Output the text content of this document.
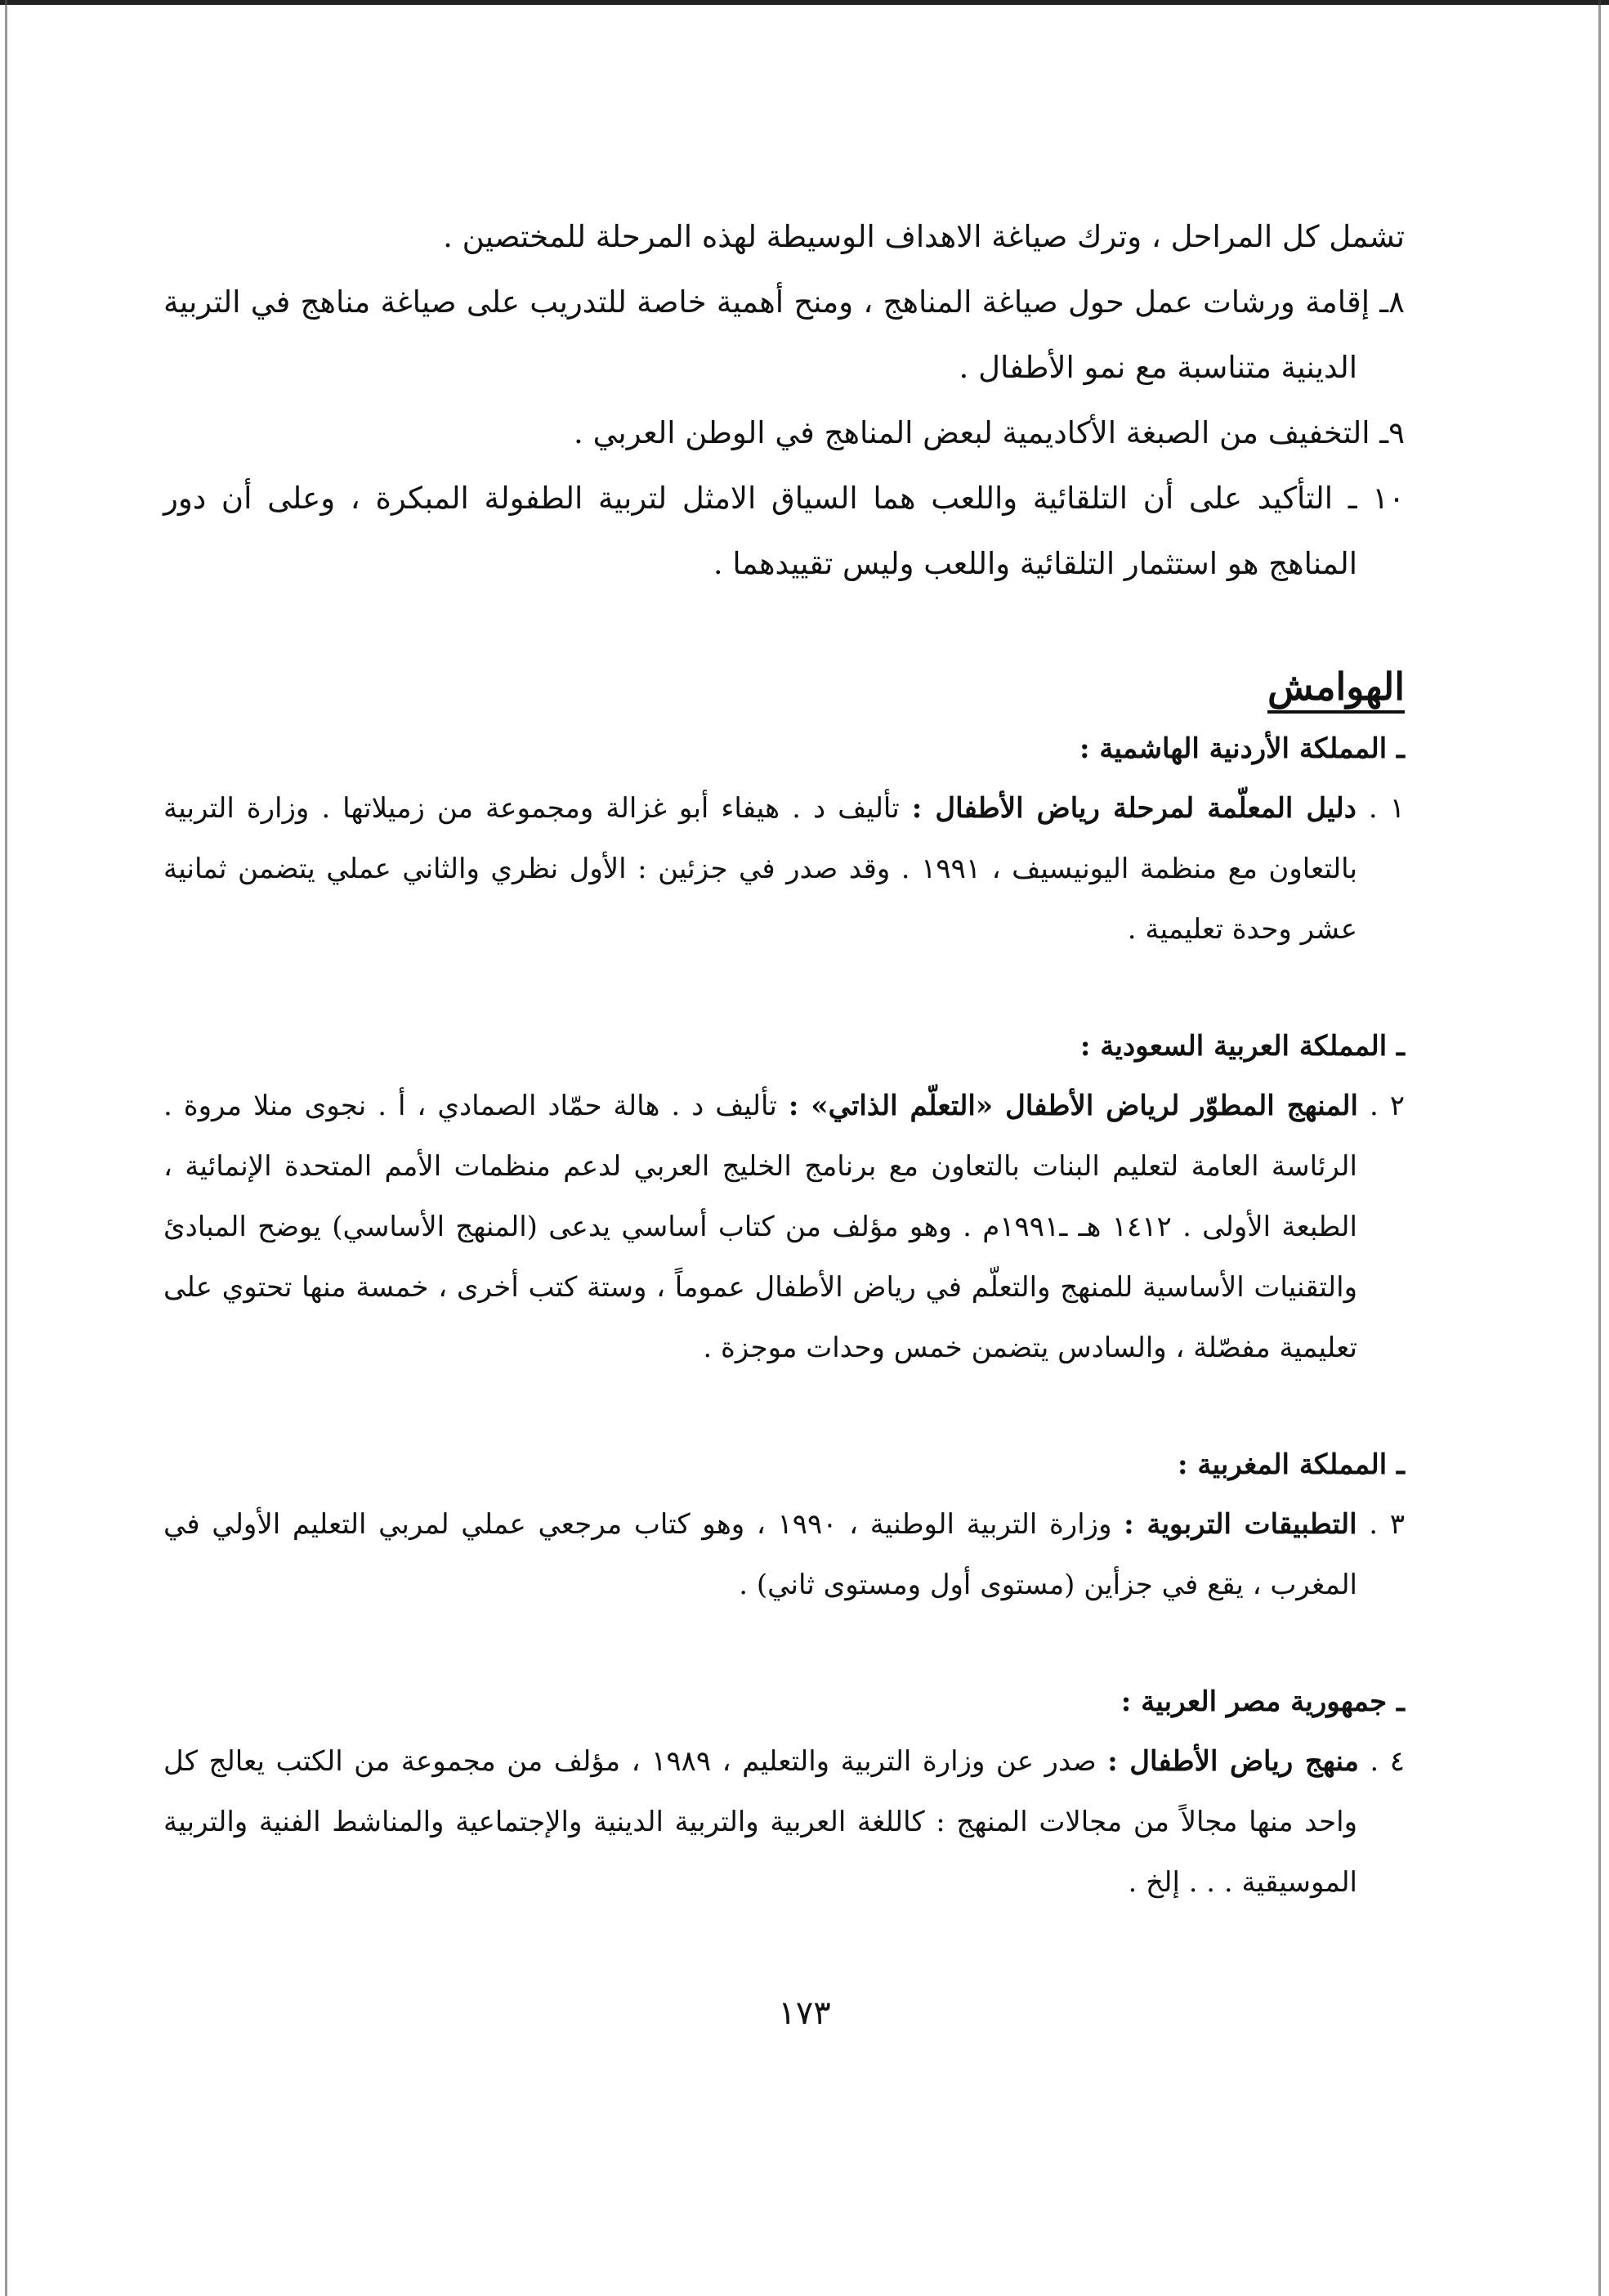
تشمل كل المراحل ، وترك صياغة الاهداف الوسيطة لهذه المرحلة للمختصين .

٨ـ إقامة ورشات عمل حول صياغة المناهج ، ومنح أهمية خاصة للتدريب على صياغة مناهج في التربية الدينية متناسبة مع نمو الأطفال .

٩ـ التخفيف من الصبغة الأكاديمية لبعض المناهج في الوطن العربي .

١٠ ـ التأكيد على أن التلقائية واللعب هما السياق الامثل لتربية الطفولة المبكرة ، وعلى أن دور المناهج هو استثمار التلقائية واللعب وليس تقييدهما .

الهوامش

ـ المملكة الأردنية الهاشمية :

١ . دليل المعلّمة لمرحلة رياض الأطفال : تأليف د . هيفاء أبو غزالة ومجموعة من زميلاتها . وزارة التربية بالتعاون مع منظمة اليونيسيف ، ١٩٩١ . وقد صدر في جزئين : الأول نظري والثاني عملي يتضمن ثمانية عشر وحدة تعليمية .

ـ المملكة العربية السعودية :

٢ . المنهج المطوّر لرياض الأطفال «التعلّم الذاتي» : تأليف د . هالة حمّاد الصمادي ، أ . نجوى منلا مروة . الرئاسة العامة لتعليم البنات بالتعاون مع برنامج الخليج العربي لدعم منظمات الأمم المتحدة الإنمائية ، الطبعة الأولى . ١٤١٢ هـ ـ١٩٩١م . وهو مؤلف من كتاب أساسي يدعى (المنهج الأساسي) يوضح المبادئ والتقنيات الأساسية للمنهج والتعلّم في رياض الأطفال عموماً ، وستة كتب أخرى ، خمسة منها تحتوي على تعليمية مفصّلة ، والسادس يتضمن خمس وحدات موجزة .

ـ المملكة المغربية :

٣ . التطبيقات التربوية : وزارة التربية الوطنية ، ١٩٩٠ ، وهو كتاب مرجعي عملي لمربي التعليم الأولي في المغرب ، يقع في جزأين (مستوى أول ومستوى ثاني) .

ـ جمهورية مصر العربية :

٤ . منهج رياض الأطفال : صدر عن وزارة التربية والتعليم ، ١٩٨٩ ، مؤلف من مجموعة من الكتب يعالج كل واحد منها مجالاً من مجالات المنهج : كاللغة العربية والتربية الدينية والإجتماعية والمناشط الفنية والتربية الموسيقية . . . إلخ .

١٧٣
